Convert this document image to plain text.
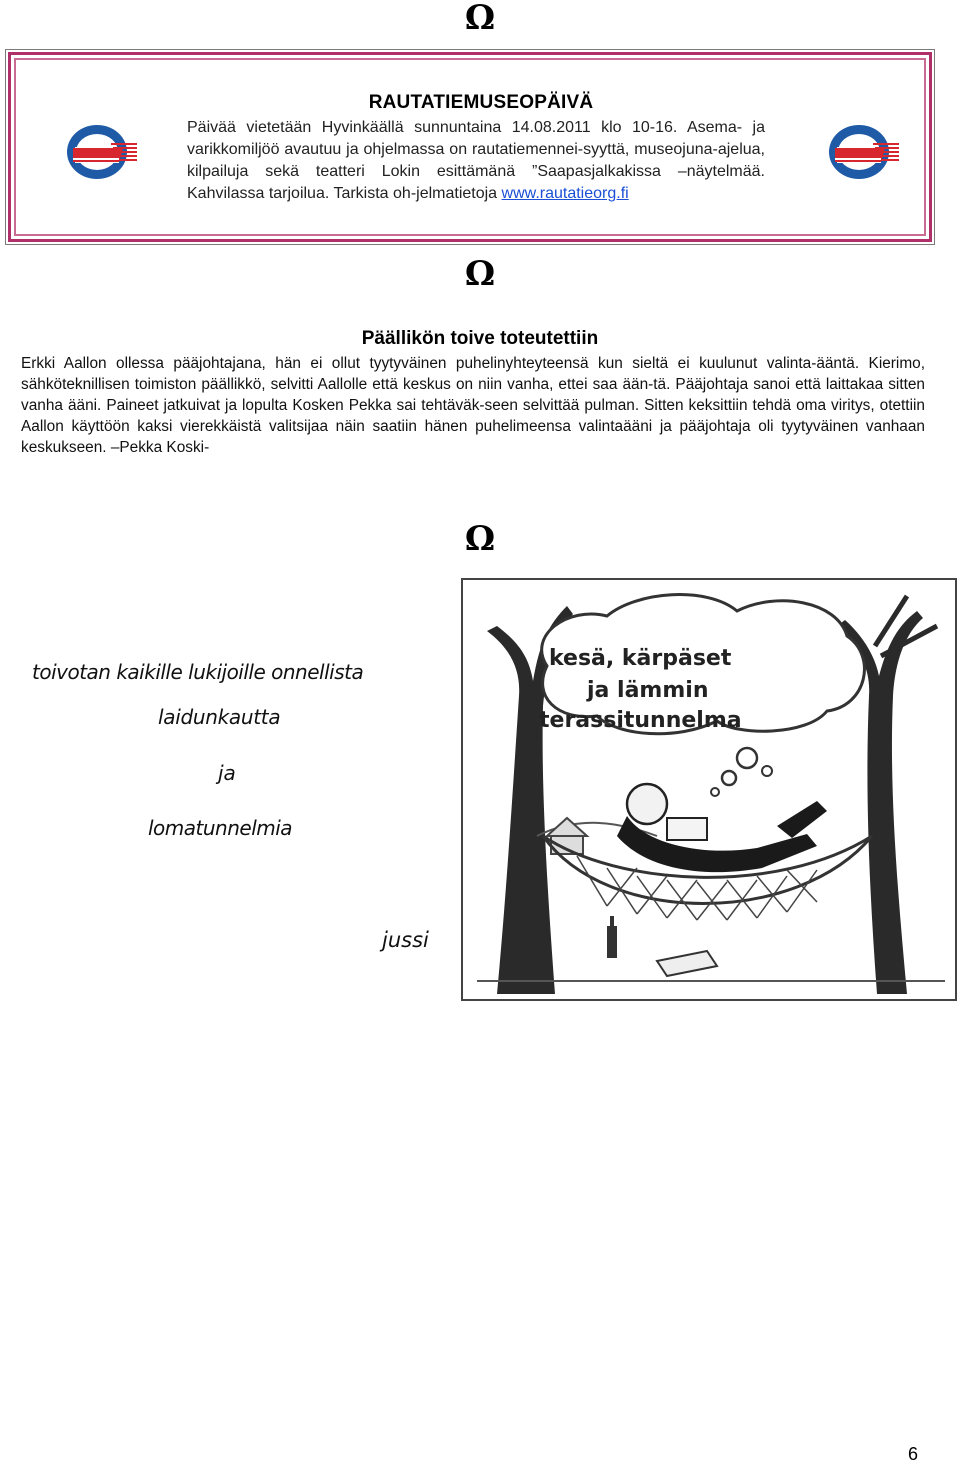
Ω
RAUTATIEMUSEOPÄIVÄ
Päivää vietetään Hyvinkäällä sunnuntaina 14.08.2011 klo 10-16. Asema- ja varikkomiljöö avautuu ja ohjelmassa on rautatiemennei-syyttä, museojuna-ajelua, kilpailuja sekä teatteri Lokin esittämänä ”Saapasjalkakissa –näytelmää. Kahvilassa tarjoilua. Tarkista oh-jelmatietoja www.rautatieorg.fi
Ω
Päällikön toive toteutettiin
Erkki Aallon ollessa pääjohtajana, hän ei ollut tyytyväinen puhelinyhteyteensä kun sieltä ei kuulunut valinta-ääntä. Kierimo, sähköteknillisen toimiston päällikkö, selvitti Aallolle että keskus on niin vanha, ettei saa ään-tä. Pääjohtaja sanoi että laittakaa sitten vanha ääni. Paineet jatkuivat ja lopulta Kosken Pekka sai tehtäväk-seen selvittää pulman. Sitten keksittiin tehdä oma viritys, otettiin Aallon käyttöön kaksi vierekkäistä valitsijaa näin saatiin hänen puhelimeensa valintaääni ja pääjohtaja oli tyytyväinen vanhaan keskukseen. –Pekka Koski-
Ω
toivotan kaikille lukijoille onnellista
laidunkautta
ja
lomatunnelmia
jussi
kesä, kärpäset
ja lämmin
terassitunnelma
6
